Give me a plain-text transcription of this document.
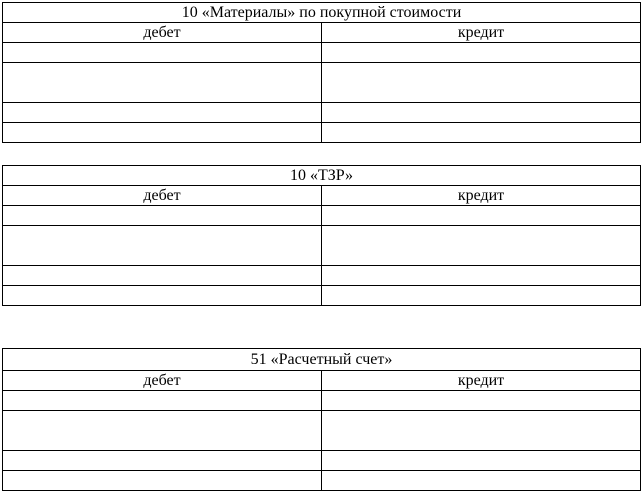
10 «Материалы» по покупной стоимости	
дебет	кредит

10 «ТЗР»	
дебет	кредит

51 «Расчетный счет»	
дебет	кредит
